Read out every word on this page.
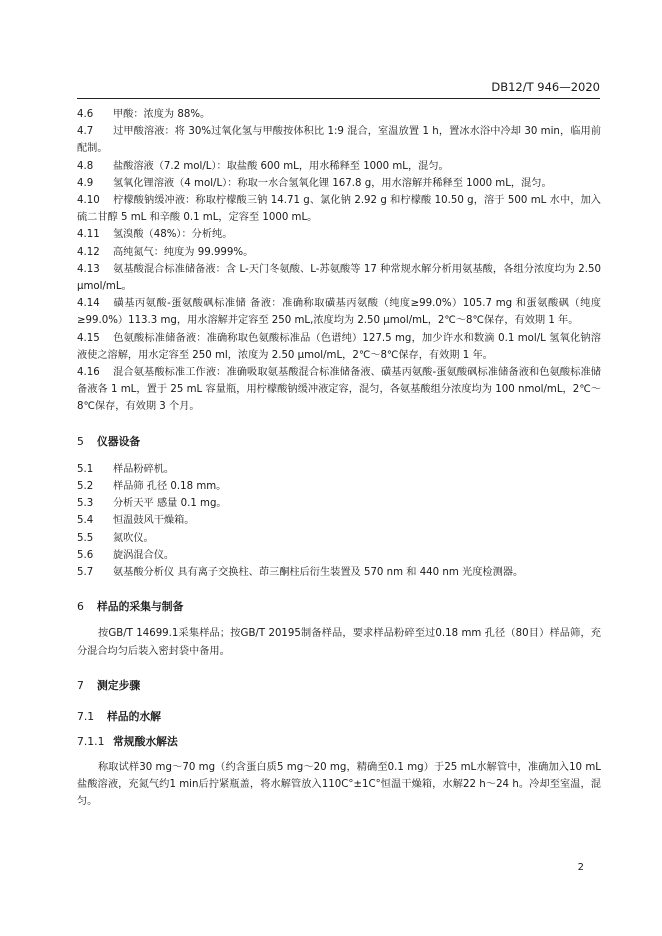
DB12/T 946—2020

4.6 甲酸：浓度为 88%。

4.7 过甲酸溶液：将 30%过氧化氢与甲酸按体积比 1:9 混合，室温放置 1 h，置冰水浴中冷却 30 min，临用前配制。

4.8 盐酸溶液（7.2 mol/L）：取盐酸 600 mL，用水稀释至 1000 mL，混匀。

4.9 氢氧化锂溶液（4 mol/L）：称取一水合氢氧化锂 167.8 g，用水溶解并稀释至 1000 mL，混匀。

4.10 柠檬酸钠缓冲液：称取柠檬酸三钠 14.71 g、氯化钠 2.92 g 和柠檬酸 10.50 g，溶于 500 mL 水中，加入硫二甘醇 5 mL 和辛酸 0.1 mL，定容至 1000 mL。

4.11 氢溴酸（48%）：分析纯。

4.12 高纯氮气：纯度为 99.999%。

4.13 氨基酸混合标准储备液：含 L-天门冬氨酸、L-苏氨酸等 17 种常规水解分析用氨基酸，各组分浓度均为 2.50 μmol/mL。

4.14 磺基丙氨酸-蛋氨酸砜标准储 备液：准确称取磺基丙氨酸（纯度≥99.0%）105.7 mg 和蛋氨酸砜（纯度≥99.0%）113.3 mg，用水溶解并定容至 250 mL,浓度均为 2.50 μmol/mL，2℃～8℃保存，有效期 1 年。

4.15 色氨酸标准储备液：准确称取色氨酸标准品（色谱纯）127.5 mg，加少许水和数滴 0.1 mol/L 氢氧化钠溶液使之溶解，用水定容至 250 ml，浓度为 2.50 μmol/mL，2℃～8℃保存，有效期 1 年。

4.16 混合氨基酸标准工作液：准确吸取氨基酸混合标准储备液、磺基丙氨酸-蛋氨酸砜标准储备液和色氨酸标准储备液各 1 mL，置于 25 mL 容量瓶，用柠檬酸钠缓冲液定容，混匀，各氨基酸组分浓度均为 100 nmol/mL，2℃～8℃保存，有效期 3 个月。

5 仪器设备

5.1 样品粉碎机。

5.2 样品筛 孔径 0.18 mm。

5.3 分析天平 感量 0.1 mg。

5.4 恒温鼓风干燥箱。

5.5 氮吹仪。

5.6 旋涡混合仪。

5.7 氨基酸分析仪 具有离子交换柱、茚三酮柱后衍生装置及 570 nm 和 440 nm 光度检测器。

6 样品的采集与制备

按GB/T 14699.1采集样品；按GB/T 20195制备样品，要求样品粉碎至过0.18 mm 孔径（80目）样品筛，充分混合均匀后装入密封袋中备用。

7 测定步骤
7.1 样品的水解
7.1.1 常规酸水解法

称取试样30 mg～70 mg（约含蛋白质5 mg～20 mg，精确至0.1 mg）于25 mL水解管中，准确加入10 mL盐酸溶液，充氮气约1 min后拧紧瓶盖，将水解管放入110C°±1C°恒温干燥箱，水解22 h～24 h。冷却至室温，混匀。

2
